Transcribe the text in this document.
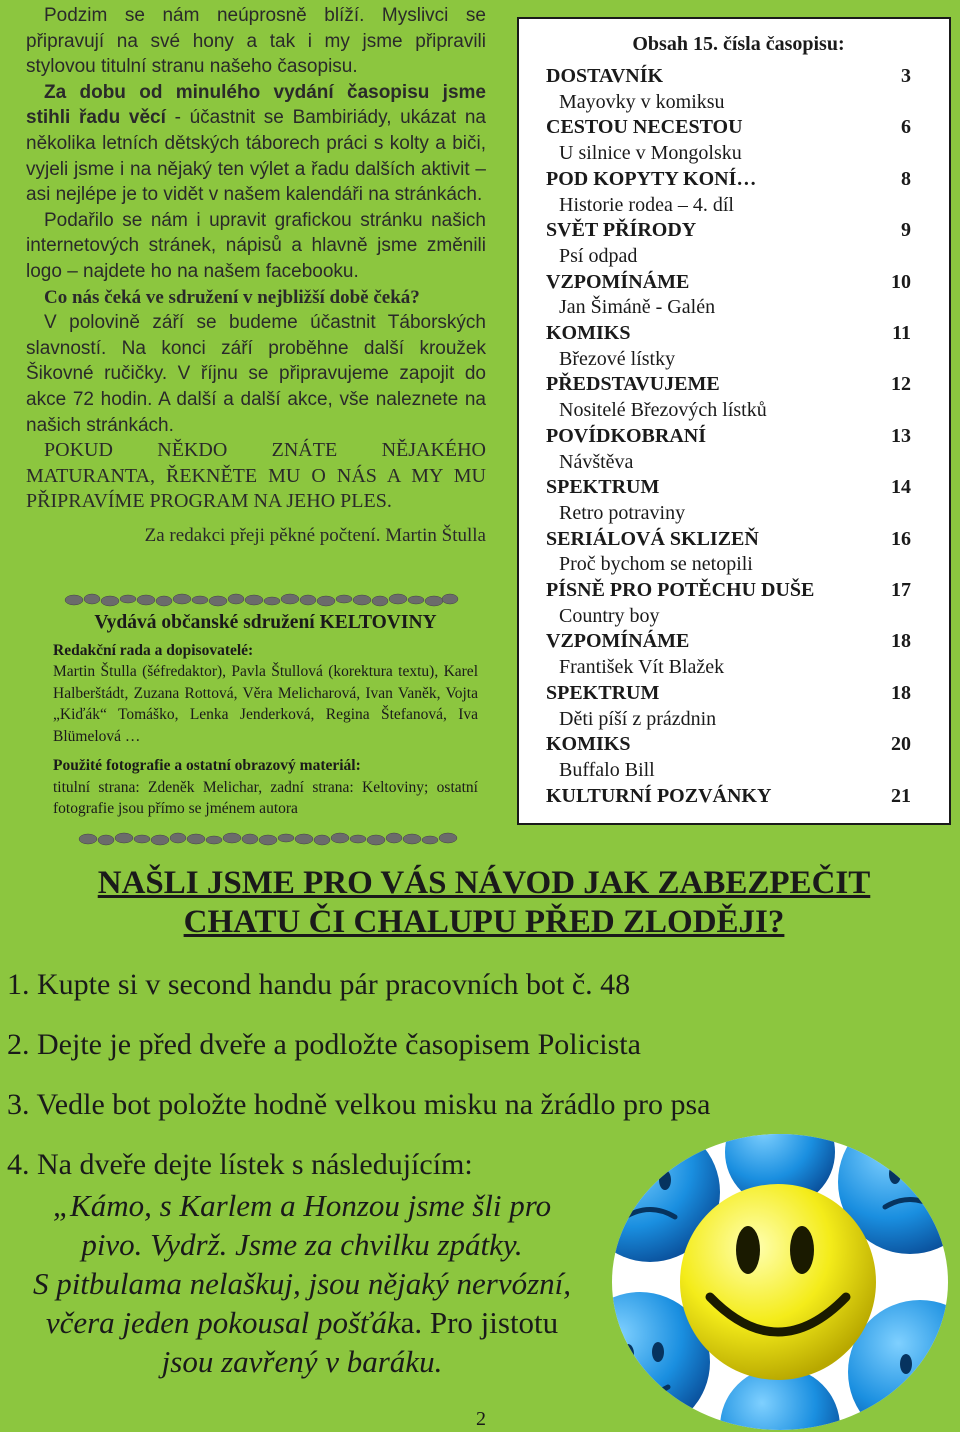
Podzim se nám neúprosně blíží. Myslivci se připravují na své hony a tak i my jsme připravili stylovou titulní stranu našeho časopisu.

Za dobu od minulého vydání časopisu jsme stihli řadu věcí - účastnit se Bambiriády, ukázat na několika letních dětských táborech práci s kolty a biči, vyjeli jsme i na nějaký ten výlet a řadu dalších aktivit – asi nejlépe je to vidět v našem kalendáři na stránkách.

Podařilo se nám i upravit grafickou stránku našich internetových stránek, nápisů a hlavně jsme změnili logo – najdete ho na našem facebooku.

Co nás čeká ve sdružení v nejbližší době čeká?

V polovině září se budeme účastnit Táborských slavností. Na konci září proběhne další kroužek Šikovné ručičky. V říjnu se připravujeme zapojit do akce 72 hodin. A další a další akce, vše naleznete na našich stránkách.

POKUD NĚKDO ZNÁTE NĚJAKÉHO MATURANTA, ŘEKNĚTE MU O NÁS A MY MU PŘIPRAVÍME PROGRAM NA JEHO PLES.

Za redakci přeji pěkné počtení. Martin Štulla

Vydává občanské sdružení KELTOVINY

Redakční rada a dopisovatelé:

Martin Štulla (šéfredaktor), Pavla Štullová (korektura textu), Karel Halberštádt, Zuzana Rottová, Věra Melicharová, Ivan Vaněk, Vojta „Kiďák“ Tomáško, Lenka Jenderková, Regina Štefanová, Iva Blümelová …

Použité fotografie a ostatní obrazový materiál:

titulní strana: Zdeněk Melichar, zadní strana: Keltoviny; ostatní fotografie jsou přímo se jménem autora

Obsah 15. čísla časopisu:
DOSTAVNÍK	3
Mayovky v komiksu
CESTOU NECESTOU	6
U silnice v Mongolsku
POD KOPYTY KONÍ…	8
Historie rodea – 4. díl
SVĚT PŘÍRODY	9
Psí odpad
VZPOMÍNÁME	10
Jan Šimáně - Galén
KOMIKS	11
Březové lístky
PŘEDSTAVUJEME	12
Nositelé Březových lístků
POVÍDKOBRANÍ	13
Návštěva
SPEKTRUM	14
Retro potraviny
SERIÁLOVÁ SKLIZEŇ	16
Proč bychom se netopili
PÍSNĚ PRO POTĚCHU DUŠE	17
Country boy
VZPOMÍNÁME	18
František Vít Blažek
SPEKTRUM	18
Děti píší z prázdnin
KOMIKS	20
Buffalo Bill
KULTURNÍ POZVÁNKY	21
NAŠLI JSME PRO VÁS NÁVOD JAK ZABEZPEČIT
CHATU ČI CHALUPU PŘED ZLODĚJI?
1. Kupte si v second handu pár pracovních bot č. 48
2. Dejte je před dveře a podložte časopisem Policista
3. Vedle bot položte hodně velkou misku na žrádlo pro psa
4. Na dveře dejte lístek s následujícím:
„Kámo, s Karlem a Honzou jsme šli pro
pivo. Vydrž. Jsme za chvilku zpátky.
S pitbulama nelaškuj, jsou nějaký nervózní,
včera jeden pokousal pošťáka. Pro jistotu
jsou zavřený v baráku.
2
